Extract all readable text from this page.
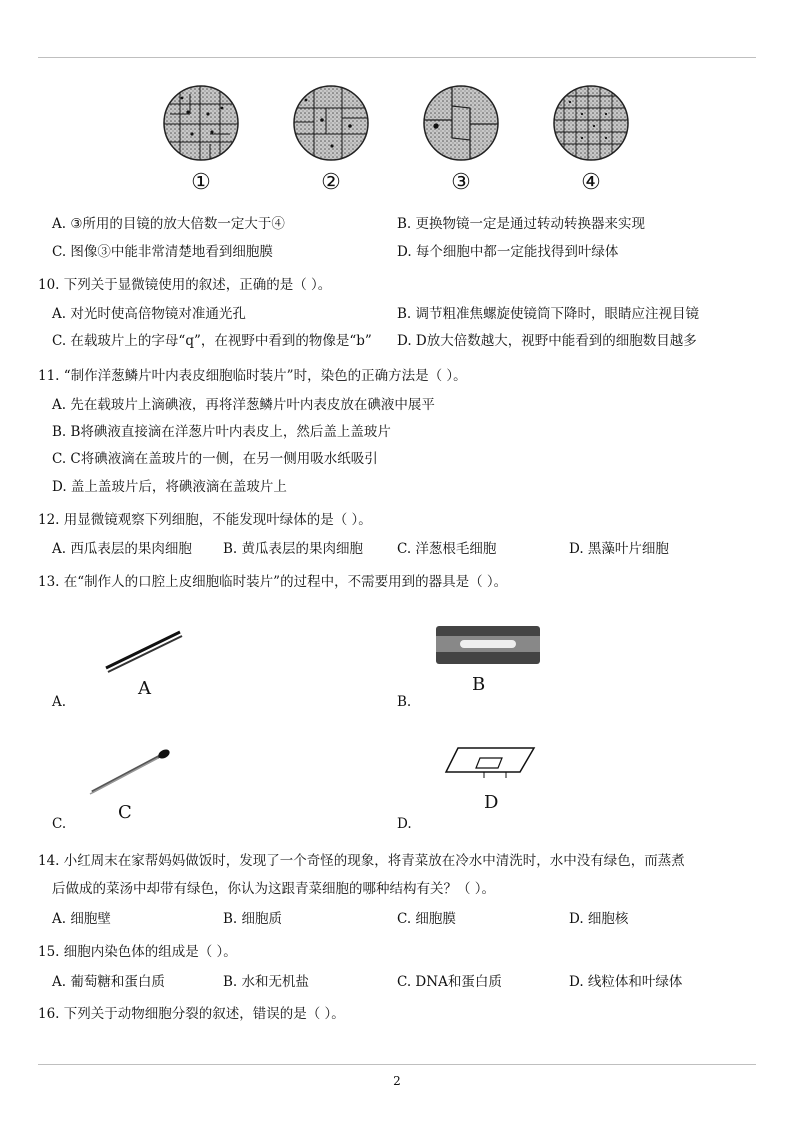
①	②	③	④
A. ③所用的目镜的放大倍数一定大于④	B. 更换物镜一定是通过转动转换器来实现
C. 图像③中能非常清楚地看到细胞膜	D. 每个细胞中都一定能找得到叶绿体
10. 下列关于显微镜使用的叙述，正确的是（ ）。
A. 对光时使高倍物镜对准通光孔	B. 调节粗准焦螺旋使镜筒下降时，眼睛应注视目镜
C. 在载玻片上的字母“q”，在视野中看到的物像是“b” D. D放大倍数越大，视野中能看到的细胞数目越多
11. “制作洋葱鳞片叶内表皮细胞临时装片”时，染色的正确方法是（ ）。
A. 先在载玻片上滴碘液，再将洋葱鳞片叶内表皮放在碘液中展平
B. B将碘液直接滴在洋葱片叶内表皮上，然后盖上盖玻片
C. C将碘液滴在盖玻片的一侧，在另一侧用吸水纸吸引
D. 盖上盖玻片后，将碘液滴在盖玻片上
12. 用显微镜观察下列细胞，不能发现叶绿体的是（ ）。
A. 西瓜表层的果肉细胞 B. 黄瓜表层的果肉细胞	C. 洋葱根毛细胞	D. 黑藻叶片细胞
13. 在“制作人的口腔上皮细胞临时装片”的过程中，不需要用到的器具是（ ）。
A
A.
B
B.
C
C.
D
D.
14. 小红周末在家帮妈妈做饭时，发现了一个奇怪的现象，将青菜放在冷水中清洗时，水中没有绿色，而蒸煮
后做成的菜汤中却带有绿色，你认为这跟青菜细胞的哪种结构有关？（ ）。
A. 细胞壁	B. 细胞质	C. 细胞膜	D. 细胞核
15. 细胞内染色体的组成是（ ）。
A. 葡萄糖和蛋白质	B. 水和无机盐	C. DNA和蛋白质	D. 线粒体和叶绿体
16. 下列关于动物细胞分裂的叙述，错误的是（ ）。
2
